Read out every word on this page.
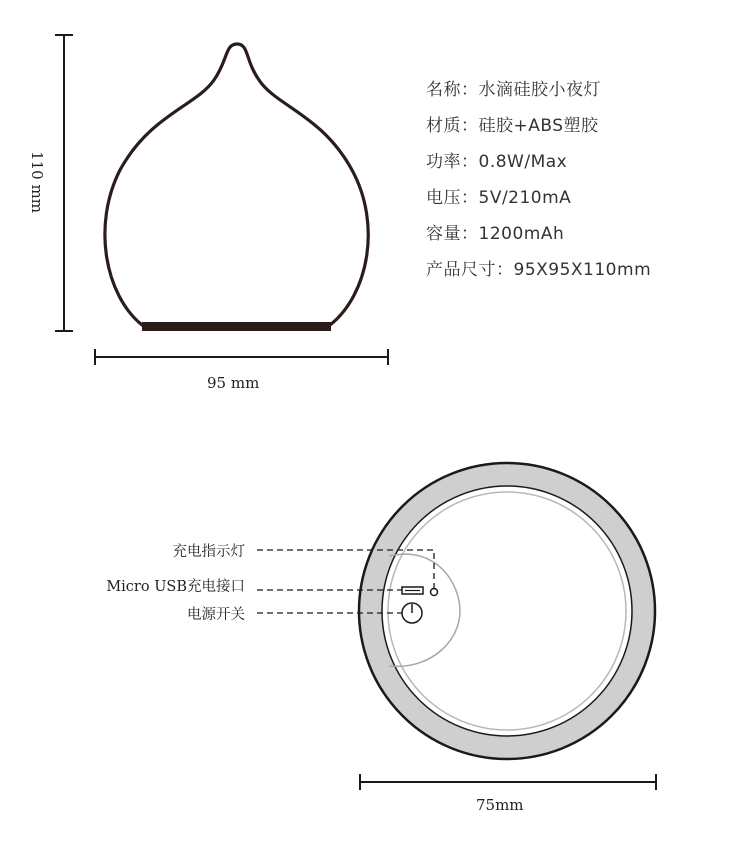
110 mm
95 mm
75mm
名称：水滴硅胶小夜灯
材质：硅胶+ABS塑胶
功率：0.8W/Max
电压：5V/210mA
容量：1200mAh
产品尺寸：95X95X110mm
充电指示灯
Micro USB充电接口
电源开关
